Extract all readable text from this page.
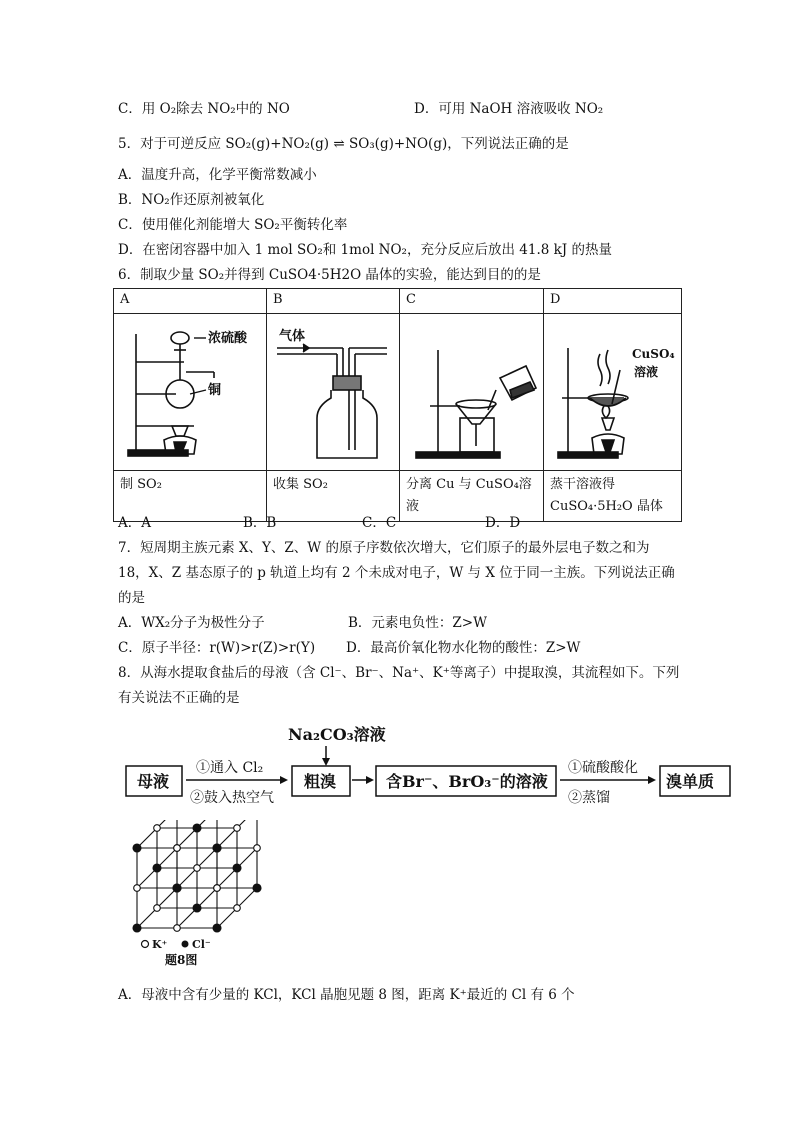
C．用 O₂除去 NO₂中的 NO	D．可用 NaOH 溶液吸收 NO₂
5．对于可逆反应 SO₂(g)+NO₂(g) ⇌ SO₃(g)+NO(g)，下列说法正确的是
A．温度升高，化学平衡常数减小
B．NO₂作还原剂被氧化
C．使用催化剂能增大 SO₂平衡转化率
D．在密闭容器中加入 1 mol SO₂和 1mol NO₂，充分反应后放出 41.8 kJ 的热量
6．制取少量 SO₂并得到 CuSO4·5H2O 晶体的实验，能达到目的的是
A	B	C	D

浓硫酸
铜	气体		CuSO₄
溶液

制 SO₂	收集 SO₂	分离 Cu 与 CuSO₄溶液	蒸干溶液得 CuSO₄·5H₂O 晶体
A．A	B．B	C．C	D．D
7．短周期主族元素 X、Y、Z、W 的原子序数依次增大，它们原子的最外层电子数之和为
18，X、Z 基态原子的 p 轨道上均有 2 个未成对电子，W 与 X 位于同一主族。下列说法正确
的是
A．WX₂分子为极性分子	B．元素电负性：Z>W
C．原子半径：r(W)>r(Z)>r(Y) D．最高价氧化物水化物的酸性：Z>W
8．从海水提取食盐后的母液（含 Cl⁻、Br⁻、Na⁺、K⁺等离子）中提取溴，其流程如下。下列
有关说法不正确的是
Na₂CO₃溶液
母液
①通入 Cl₂
②鼓入热空气
粗溴	含Br⁻、BrO₃⁻的溶液
①硫酸酸化
②蒸馏
溴单质
K⁺ Cl⁻
题8图
A．母液中含有少量的 KCl，KCl 晶胞见题 8 图，距离 K⁺最近的 Cl 有 6 个
